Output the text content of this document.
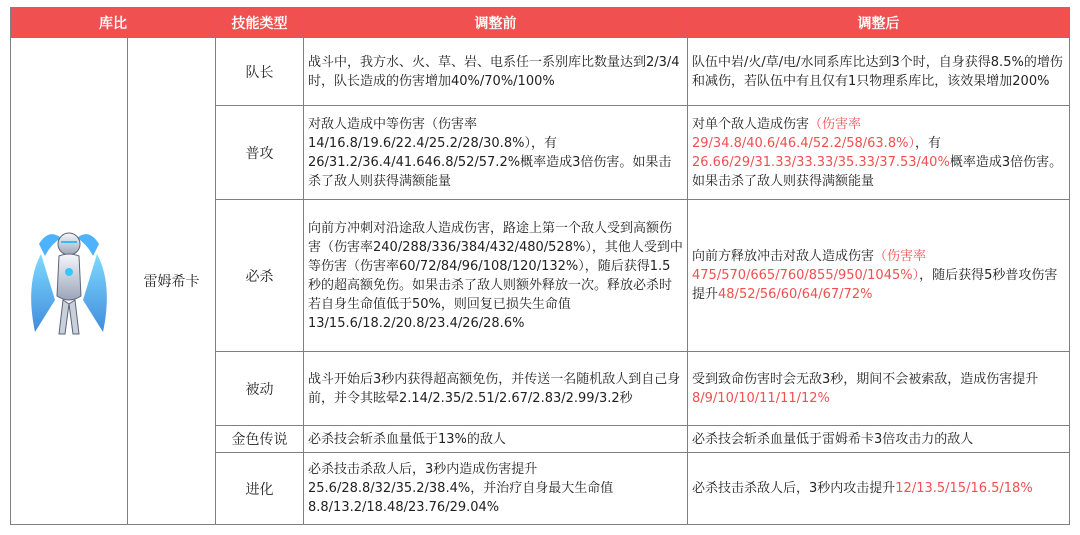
库比		技能类型	调整前	调整后
	雷姆希卡	队长	战斗中，我方水、火、草、岩、电系任一系别库比数量达到2/3/4时，队长造成的伤害增加40%/70%/100%	队伍中岩/火/草/电/水同系库比达到3个时，自身获得8.5%的增伤和减伤，若队伍中有且仅有1只物理系库比，该效果增加200%
		普攻	对敌人造成中等伤害（伤害率14/16.8/19.6/22.4/25.2/28/30.8%），有26/31.2/36.4/41.646.8/52/57.2%概率造成3倍伤害。如果击杀了敌人则获得满额能量	对单个敌人造成伤害（伤害率29/34.8/40.6/46.4/52.2/58/63.8%），有26.66/29/31.33/33.33/35.33/37.53/40%概率造成3倍伤害。如果击杀了敌人则获得满额能量
		必杀	向前方冲刺对沿途敌人造成伤害，路途上第一个敌人受到高额伤害（伤害率240/288/336/384/432/480/528%），其他人受到中等伤害（伤害率60/72/84/96/108/120/132%），随后获得1.5秒的超高额免伤。如果击杀了敌人则额外释放一次。释放必杀时若自身生命值低于50%，则回复已损失生命值13/15.6/18.2/20.8/23.4/26/28.6%	向前方释放冲击对敌人造成伤害（伤害率475/570/665/760/855/950/1045%），随后获得5秒普攻伤害提升48/52/56/60/64/67/72%
		被动	战斗开始后3秒内获得超高额免伤，并传送一名随机敌人到自己身前，并令其眩晕2.14/2.35/2.51/2.67/2.83/2.99/3.2秒	受到致命伤害时会无敌3秒，期间不会被索敌，造成伤害提升8/9/10/10/11/11/12%
		金色传说	必杀技会斩杀血量低于13%的敌人	必杀技会斩杀血量低于雷姆希卡3倍攻击力的敌人
		进化	必杀技击杀敌人后，3秒内造成伤害提升25.6/28.8/32/35.2/38.4%，并治疗自身最大生命值8.8/13.2/18.48/23.76/29.04%	必杀技击杀敌人后，3秒内攻击提升12/13.5/15/16.5/18%
